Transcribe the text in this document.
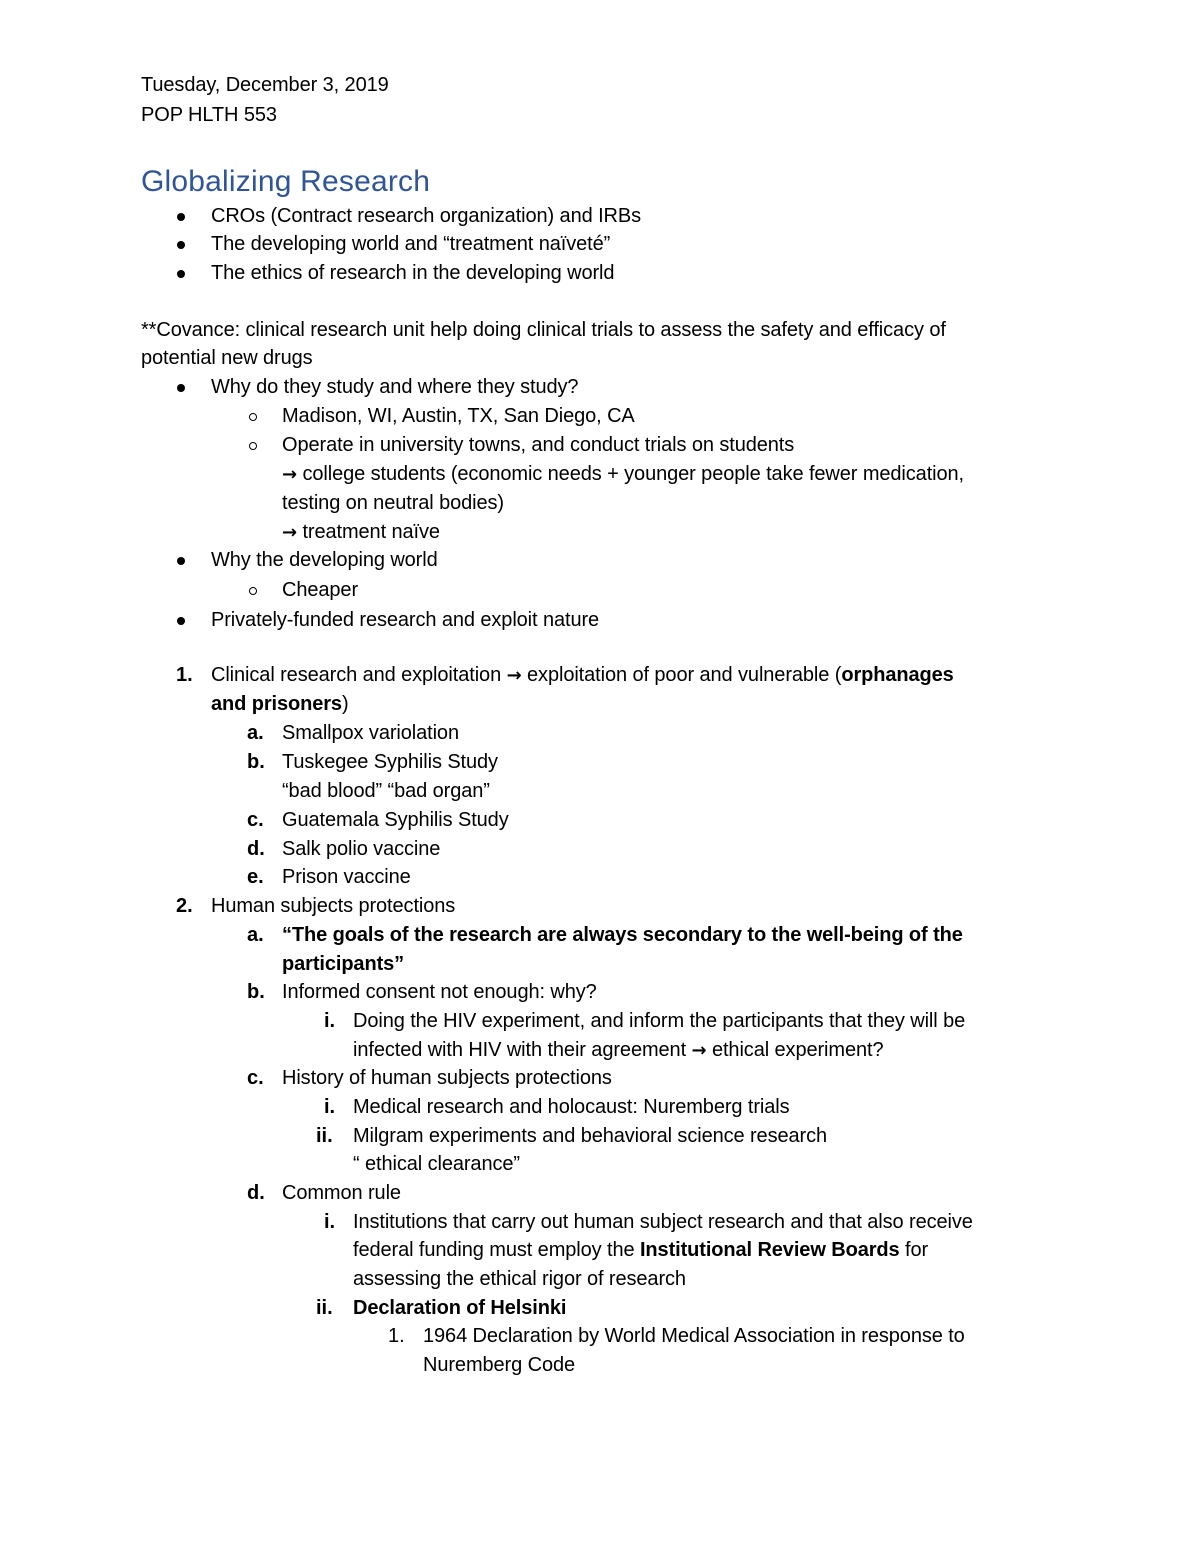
Tuesday, December 3, 2019
POP HLTH 553
Globalizing Research
CROs (Contract research organization) and IRBs
The developing world and “treatment naïveté”
The ethics of research in the developing world
**Covance: clinical research unit help doing clinical trials to assess the safety and efficacy of
potential new drugs
Why do they study and where they study?
Madison, WI, Austin, TX, San Diego, CA
Operate in university towns, and conduct trials on students
→ college students (economic needs + younger people take fewer medication,
testing on neutral bodies)
→ treatment naïve
Why the developing world
Cheaper
Privately-funded research and exploit nature
1. Clinical research and exploitation → exploitation of poor and vulnerable (orphanages
and prisoners)
a. Smallpox variolation
b. Tuskegee Syphilis Study
“bad blood” “bad organ”
c. Guatemala Syphilis Study
d. Salk polio vaccine
e. Prison vaccine
2. Human subjects protections
a. “The goals of the research are always secondary to the well-being of the
participants”
b. Informed consent not enough: why?
i. Doing the HIV experiment, and inform the participants that they will be
infected with HIV with their agreement → ethical experiment?
c. History of human subjects protections
i. Medical research and holocaust: Nuremberg trials
ii. Milgram experiments and behavioral science research
“ ethical clearance”
d. Common rule
i. Institutions that carry out human subject research and that also receive
federal funding must employ the Institutional Review Boards for
assessing the ethical rigor of research
ii. Declaration of Helsinki
1. 1964 Declaration by World Medical Association in response to
Nuremberg Code
